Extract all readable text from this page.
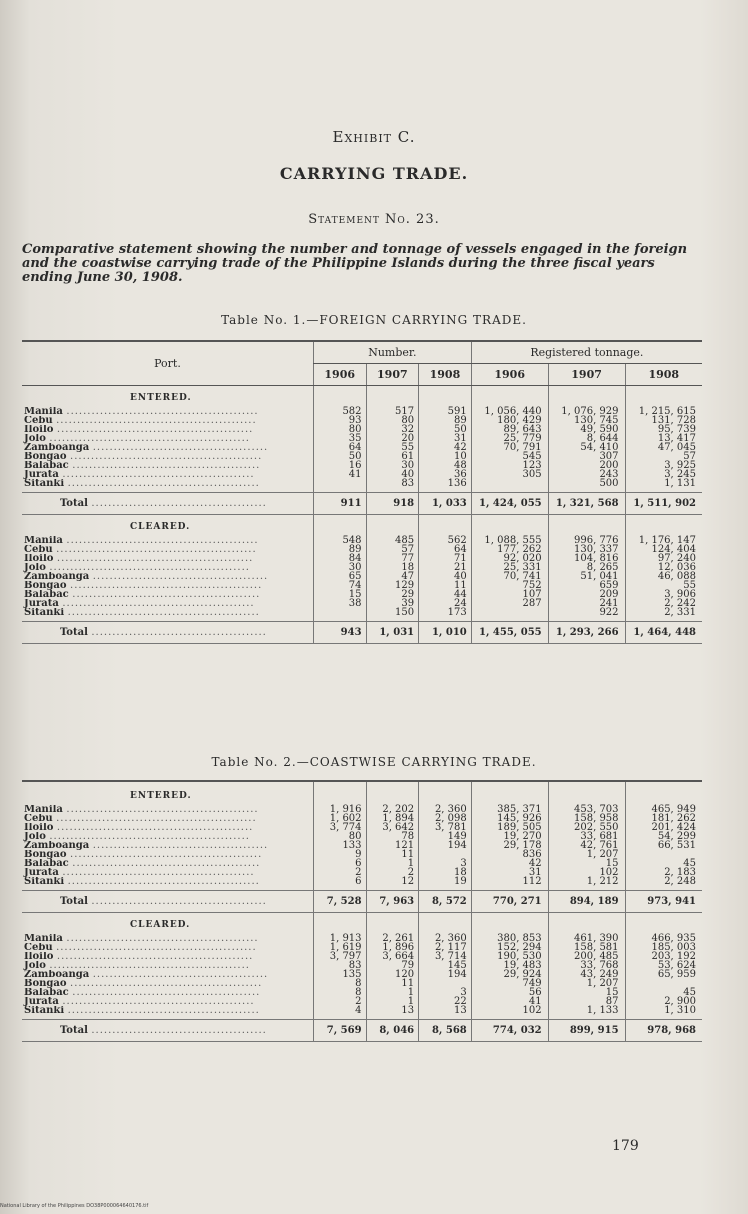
Exhibit C.
CARRYING TRADE.
Statement No. 23.
Comparative statement showing the number and tonnage of vessels engaged in the foreign and the coastwise carrying trade of the Philippine Islands during the three fiscal years ending June 30, 1908.
Table No. 1.—FOREIGN CARRYING TRADE.
Port.	Number.			Registered tonnage.		
	1906	1907	1908	1906	1907	1908
ENTERED.						
Manila ..............................................	582	517	591	1, 056, 440	1, 076, 929	1, 215, 615
Cebu ................................................	93	80	89	180, 429	130, 745	131, 728
Iloilo ...............................................	80	32	50	89, 643	49, 590	95, 739
Jolo ................................................	35	20	31	25, 779	8, 644	13, 417
Zamboanga ..........................................	64	55	42	70, 791	54, 410	47, 045
Bongao ..............................................	50	61	10	545	307	57
Balabac .............................................	16	30	48	123	200	3, 925
Jurata ..............................................	41	40	36	305	243	3, 245
Sitanki ..............................................		83	136		500	1, 131

Total ..........................................	911	918	1, 033	1, 424, 055	1, 321, 568	1, 511, 902
CLEARED.						
Manila ..............................................	548	485	562	1, 088, 555	996, 776	1, 176, 147
Cebu ................................................	89	57	64	177, 262	130, 337	124, 404
Iloilo ...............................................	84	77	71	92, 020	104, 816	97, 240
Jolo ................................................	30	18	21	25, 331	8, 265	12, 036
Zamboanga ..........................................	65	47	40	70, 741	51, 041	46, 088
Bongao ..............................................	74	129	11	752	659	55
Balabac .............................................	15	29	44	107	209	3, 906
Jurata ..............................................	38	39	24	287	241	2, 242
Sitanki ..............................................		150	173		922	2, 331

Total ..........................................	943	1, 031	1, 010	1, 455, 055	1, 293, 266	1, 464, 448
Table No. 2.—COASTWISE CARRYING TRADE.

ENTERED.						
Manila ..............................................	1, 916	2, 202	2, 360	385, 371	453, 703	465, 949
Cebu ................................................	1, 602	1, 894	2, 098	145, 926	158, 958	181, 262
Iloilo ...............................................	3, 774	3, 642	3, 781	189, 505	202, 550	201, 424
Jolo ................................................	80	78	149	19, 270	33, 681	54, 299
Zamboanga ..........................................	133	121	194	29, 178	42, 761	66, 531
Bongao ..............................................	9	11		836	1, 207	
Balabac .............................................	6	1	3	42	15	45
Jurata ..............................................	2	2	18	31	102	2, 183
Sitanki ..............................................	6	12	19	112	1, 212	2, 248

Total ..........................................	7, 528	7, 963	8, 572	770, 271	894, 189	973, 941
CLEARED.						
Manila ..............................................	1, 913	2, 261	2, 360	380, 853	461, 390	466, 935
Cebu ................................................	1, 619	1, 896	2, 117	152, 294	158, 581	185, 003
Iloilo ...............................................	3, 797	3, 664	3, 714	190, 530	200, 485	203, 192
Jolo ................................................	83	79	145	19, 483	33, 768	53, 624
Zamboanga ..........................................	135	120	194	29, 924	43, 249	65, 959
Bongao ..............................................	8	11		749	1, 207	
Balabac .............................................	8	1	3	56	15	45
Jurata ..............................................	2	1	22	41	87	2, 900
Sitanki ..............................................	4	13	13	102	1, 133	1, 310

Total ..........................................	7, 569	8, 046	8, 568	774, 032	899, 915	978, 968
179
National Library of the Philippines DO38P000064640176.tif
